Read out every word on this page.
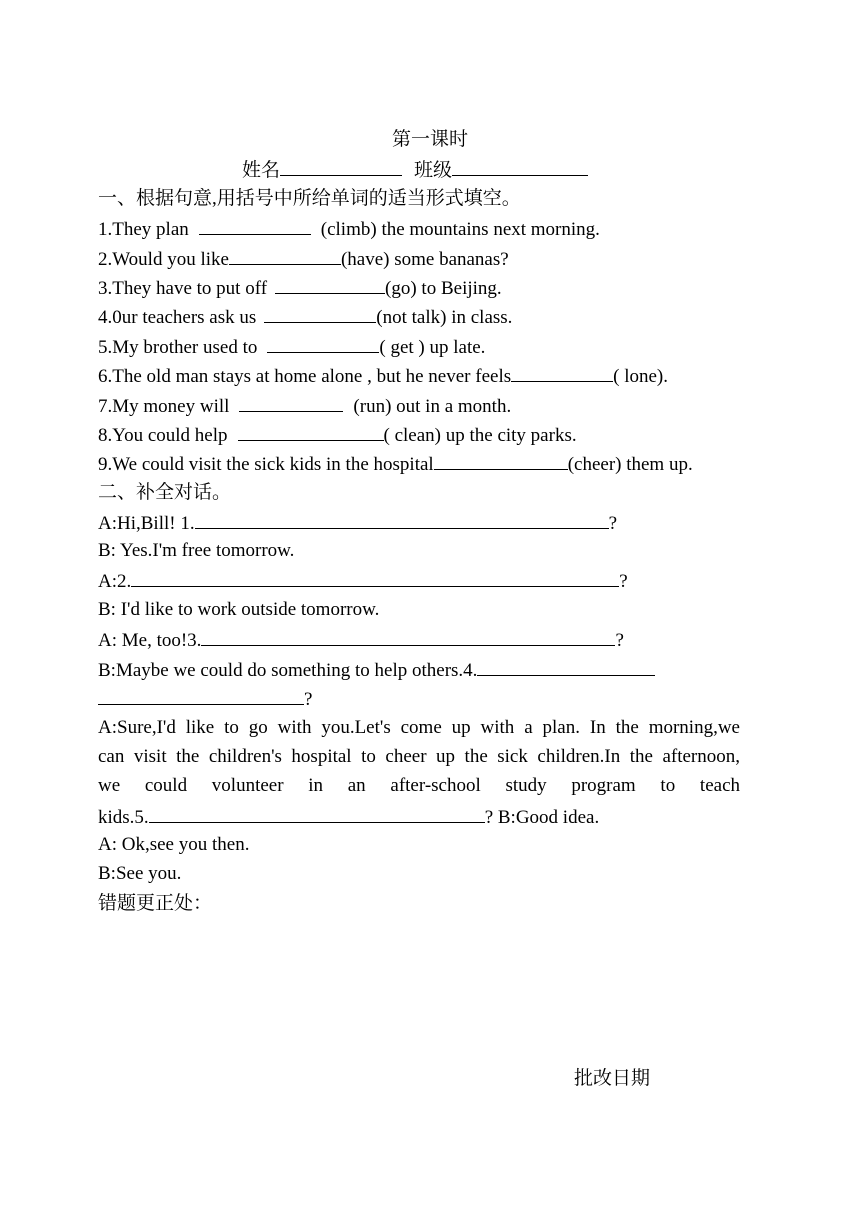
第一课时
姓名	班级
一、根据句意,用括号中所给单词的适当形式填空。
1.They plan	(climb) the mountains next morning.
2.Would you like	(have) some bananas?
3.They have to put off	(go) to Beijing.
4.0ur teachers ask us	(not talk) in class.
5.My brother used to	( get ) up late.
6.The old man stays at home alone , but he never feels	( lone).
7.My money will	(run) out in a month.
8.You could help	( clean) up the city parks.
9.We could visit the sick kids in the hospital	(cheer) them up.
二、补全对话。
A:Hi,Bill! 1.	?
B: Yes.I'm free tomorrow.
A:2.	?
B: I'd like to work outside tomorrow.
A: Me, too!3.	?
B:Maybe we could do something to help others.4.
?
A:Sure,I'd like to go with you.Let's come up with a plan. In the morning,we
can visit the children's hospital to cheer up the sick children.In the afternoon,
we could volunteer in an after-school study program to teach
kids.5.	? B:Good idea.
A: Ok,see you then.
B:See you.
错题更正处：
批改日期
